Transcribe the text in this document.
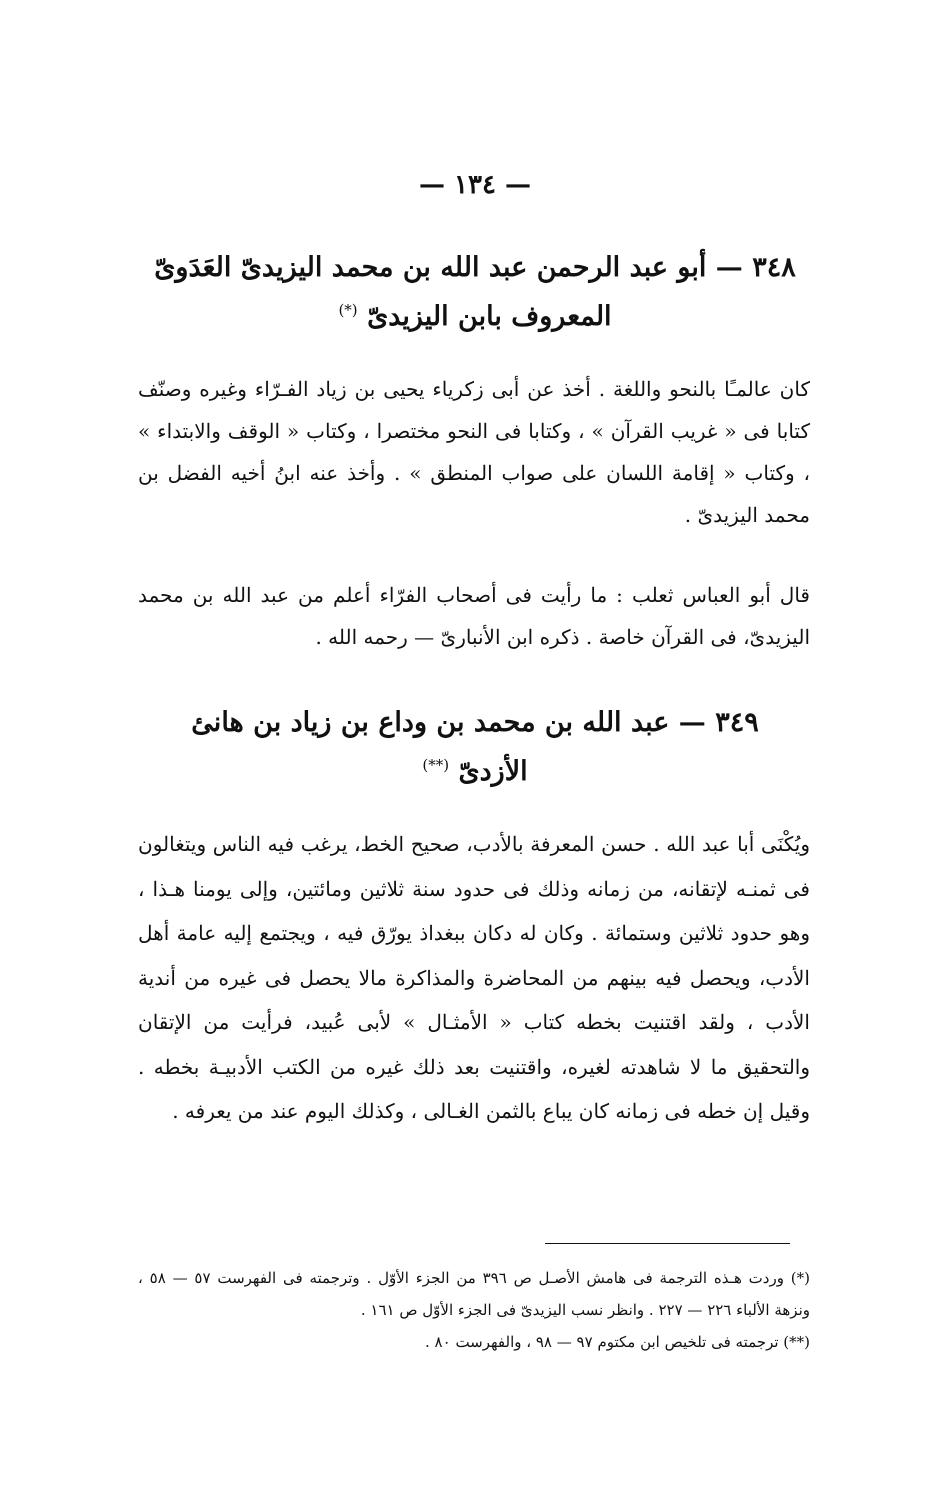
— ١٣٤ —
٣٤٨ — أبو عبد الرحمن عبد الله بن محمد اليزيدىّ العَدَوىّ
المعروف بابن اليزيدىّ (*)

كان عالمـًا بالنحو واللغة . أخذ عن أبى زكرياء يحيى بن زياد الفـرّاء وغيره وصنّف كتابا فى « غريب القرآن » ، وكتابا فى النحو مختصرا ، وكتاب « الوقف والابتداء » ، وكتاب « إقامة اللسان على صواب المنطق » . وأخذ عنه ابنُ أخيه الفضل بن محمد اليزيدىّ .

قال أبو العباس ثعلب : ما رأيت فى أصحاب الفرّاء أعلم من عبد الله بن محمد اليزيدىّ، فى القرآن خاصة . ذكره ابن الأنبارىّ — رحمه الله .

٣٤٩ — عبد الله بن محمد بن وداع بن زياد بن هانئ
الأزدىّ (**)

ويُكْنَى أبا عبد الله . حسن المعرفة بالأدب، صحيح الخط، يرغب فيه الناس ويتغالون فى ثمنـه لإتقانه، من زمانه وذلك فى حدود سنة ثلاثين ومائتين، وإلى يومنا هـذا ، وهو حدود ثلاثين وستمائة . وكان له دكان ببغداذ يورّق فيه ، ويجتمع إليه عامة أهل الأدب، ويحصل فيه بينهم من المحاضرة والمذاكرة مالا يحصل فى غيره من أندية الأدب ، ولقد اقتنيت بخطه كتاب « الأمثـال » لأبى عُبيد، فرأيت من الإتقان والتحقيق ما لا شاهدته لغيره، واقتنيت بعد ذلك غيره من الكتب الأدبيـة بخطه . وقيل إن خطه فى زمانه كان يباع بالثمن الغـالى ، وكذلك اليوم عند من يعرفه .

(*) وردت هـذه الترجمة فى هامش الأصـل ص ٣٩٦ من الجزء الأوّل . وترجمته فى الفهرست ٥٧ — ٥٨ ، ونزهة الألباء ٢٢٦ — ٢٢٧ . وانظر نسب اليزيدىّ فى الجزء الأوّل ص ١٦١ .

(**) ترجمته فى تلخيص ابن مكتوم ٩٧ — ٩٨ ، والفهرست ٨٠ .
